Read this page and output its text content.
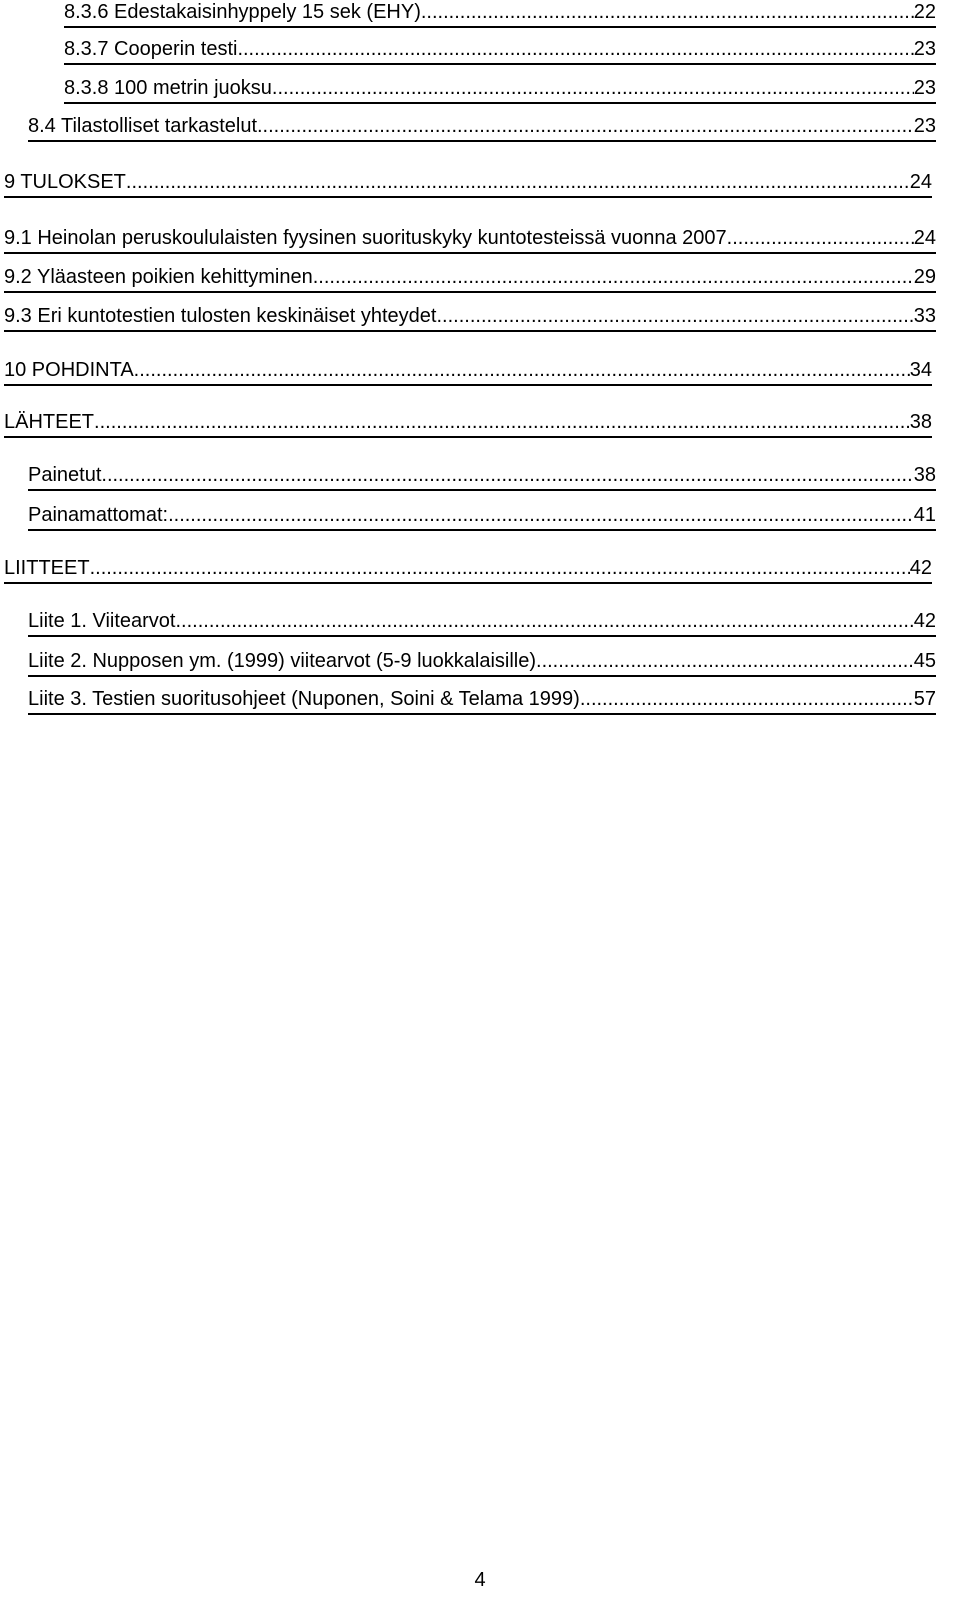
8.3.6 Edestakaisinhyppely 15 sek (EHY) .....	22
8.3.7 Cooperin testi .....	23
8.3.8 100 metrin juoksu .....	23
8.4 Tilastolliset tarkastelut .....	23
9 TULOKSET .....	24
9.1 Heinolan peruskoululaisten fyysinen suorituskyky kuntotesteissä vuonna 2007 .....	24
9.2 Yläasteen poikien kehittyminen .....	29
9.3 Eri kuntotestien tulosten keskinäiset yhteydet .....	33
10 POHDINTA .....	34
LÄHTEET .....	38
Painetut .....	38
Painamattomat: .....	41
LIITTEET .....	42
Liite 1. Viitearvot .....	42
Liite 2. Nupposen ym. (1999) viitearvot (5-9 luokkalaisille) .....	45
Liite 3. Testien suoritusohjeet (Nuponen, Soini & Telama 1999) .....	57
4
